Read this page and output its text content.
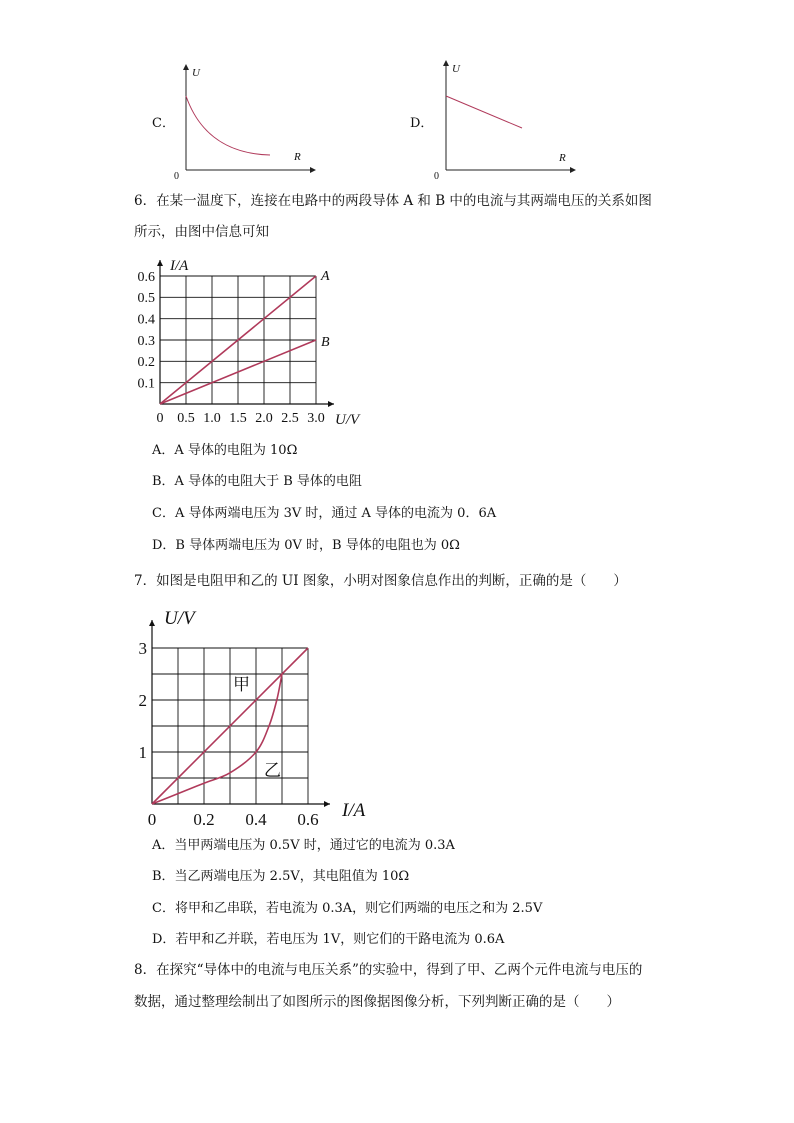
C．
U
R
0
D．
U
R
0
6．在某一温度下，连接在电路中的两段导体 A 和 B 中的电流与其两端电压的关系如图
所示，由图中信息可知
0 0.5 1.0 1.5 2.0 2.5 3.0
0.1
0.2
0.3
0.4
0.5
0.6
I/A
U/V
A
B
A．A 导体的电阻为 10Ω
B．A 导体的电阻大于 B 导体的电阻
C．A 导体两端电压为 3V 时，通过 A 导体的电流为 0．6A
D．B 导体两端电压为 0V 时，B 导体的电阻也为 0Ω
7．如图是电阻甲和乙的 UI 图象，小明对图象信息作出的判断，正确的是（　　）
0 0.2 0.4 0.6
1
2
3
U/V
I/A
甲
乙
A．当甲两端电压为 0.5V 时，通过它的电流为 0.3A
B．当乙两端电压为 2.5V，其电阻值为 10Ω
C．将甲和乙串联，若电流为 0.3A，则它们两端的电压之和为 2.5V
D．若甲和乙并联，若电压为 1V，则它们的干路电流为 0.6A
8．在探究“导体中的电流与电压关系”的实验中，得到了甲、乙两个元件电流与电压的
数据，通过整理绘制出了如图所示的图像据图像分析，下列判断正确的是（　　）
